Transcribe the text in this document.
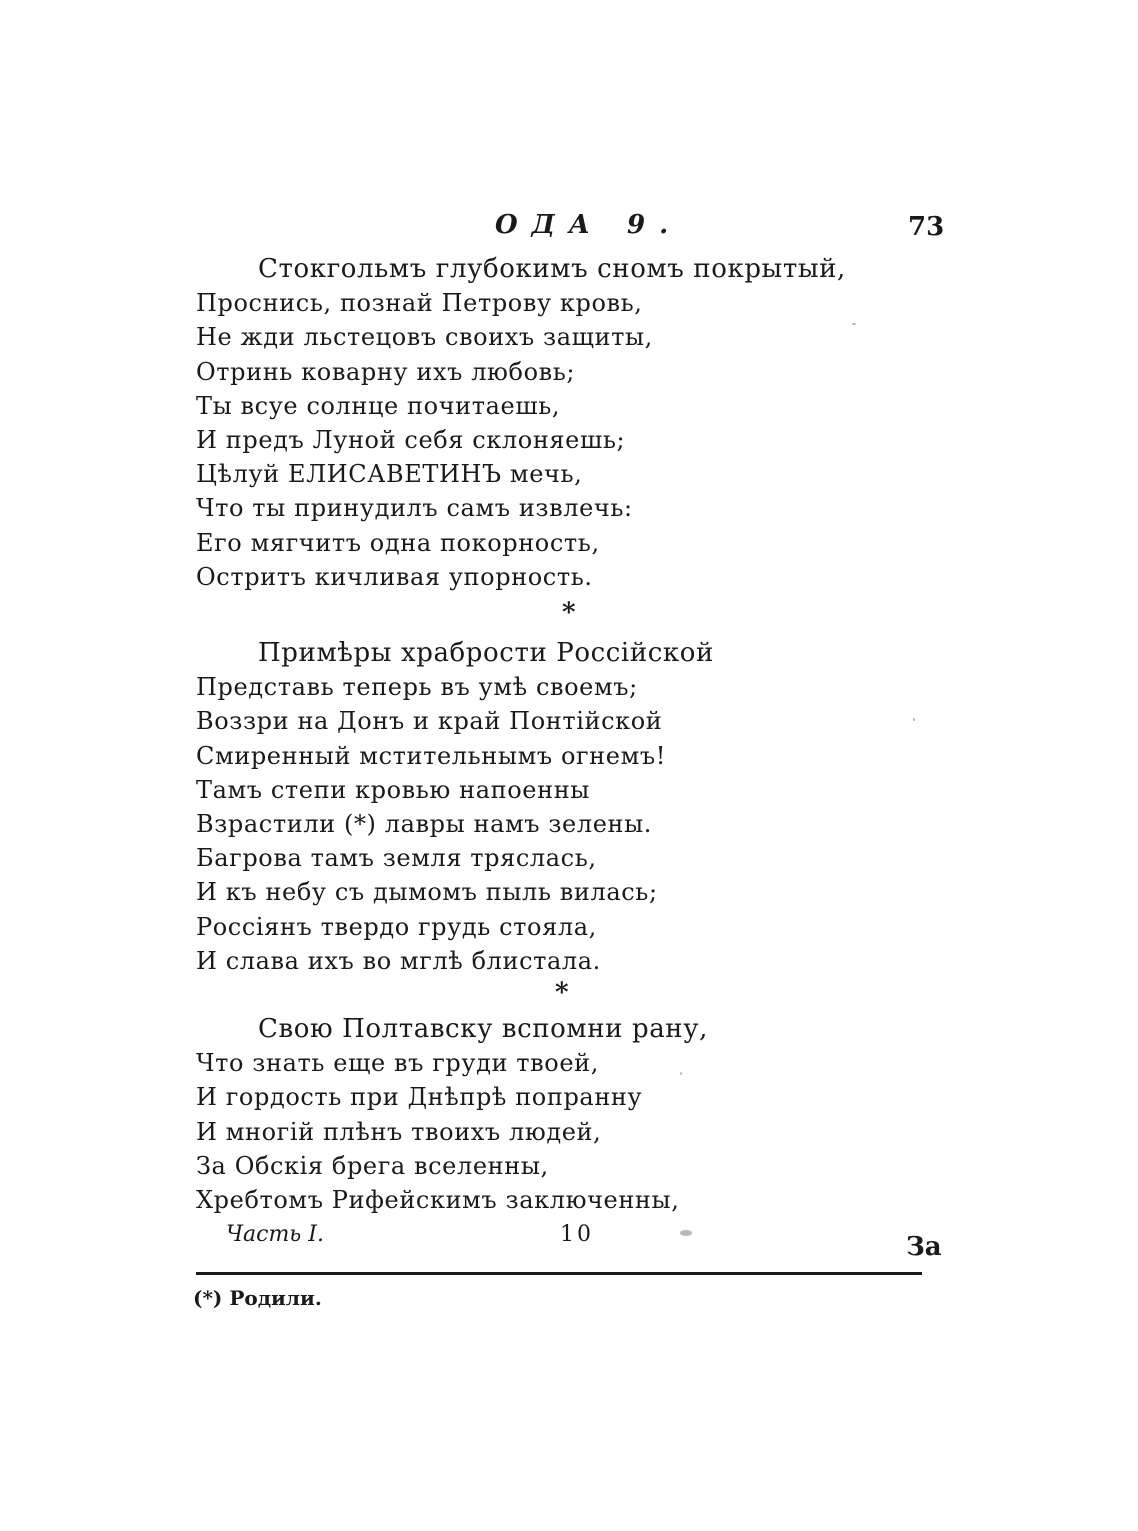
ОДА 9.	73
Стокгольмъ глубокимъ сномъ покрытый,
Проснись, познай Петрову кровь,
Не жди льстецовъ своихъ защиты,
Отринь коварну ихъ любовь;
Ты всуе солнце почитаешь,
И предъ Луной себя склоняешь;
Цѣлуй ЕЛИСАВЕТИНЪ мечь,
Что ты принудилъ самъ извлечь:
Его мягчитъ одна покорность,
Остритъ кичливая упорность.
*
Примѣры храбрости Россійской
Представь теперь въ умѣ своемъ;
Воззри на Донъ и край Понтійской
Смиренный мстительнымъ огнемъ!
Тамъ степи кровью напоенны
Взрастили (*) лавры намъ зелены.
Багрова тамъ земля тряслась,
И къ небу съ дымомъ пыль вилась;
Россіянъ твердо грудь стояла,
И слава ихъ во мглѣ блистала.
*
Свою Полтавску вспомни рану,
Что знать еще въ груди твоей,
И гордость при Днѣпрѣ попранну
И многій плѣнъ твоихъ людей,
За Обскія брега вселенны,
Хребтомъ Рифейскимъ заключенны,
Часть I.	10	За
(*) Родили.
